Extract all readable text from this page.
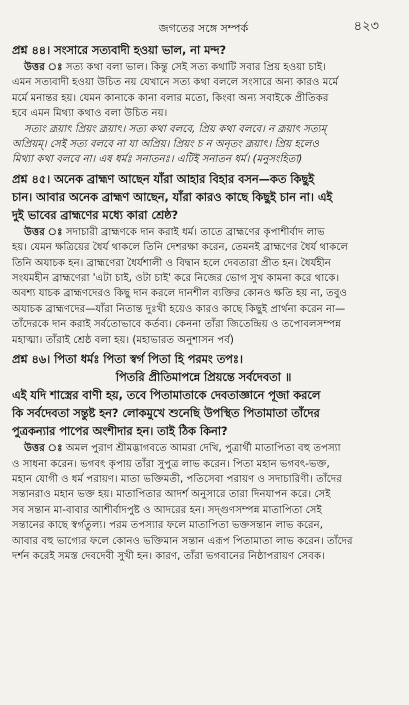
জগতের সঙ্গে সম্পর্ক	৪২৩
প্রশ্ন ৪৪। সংসারে সত্যবাদী হওয়া ভাল, না মন্দ?

উত্তর ঃ সত্য কথা বলা ভাল। কিন্তু সেই সত্য কথাটি সবার প্রিয় হওয়া চাই।

এমন সত্যবাদী হওয়া উচিত নয় যেখানে সত্য কথা বললে সংসারে অন্য কারও মর্মে

মর্মে মনান্তর হয়। যেমন কানাকে কানা বলার মতো, কিংবা অন্য সবাইকে প্রীতিকর

হবে এমন মিথ্যা কথাও বলা উচিত নয়।

সত্যং ব্রূয়াৎ প্রিয়ং ব্রূয়াৎ। সত্য কথা বলবে, প্রিয় কথা বলবে। ন ব্রূয়াৎ সত্যম্

অপ্রিয়ম্। সেই সত্য বলবে না যা অপ্রিয়। প্রিয়ং চ ন অনৃতং ব্রূয়াৎ। প্রিয় হলেও

মিথ্যা কথা বলবে না। এষ ধর্মঃ সনাতনঃ। এটিই সনাতন ধর্ম। (মনুসংহিতা)

প্রশ্ন ৪৫। অনেক ব্রাহ্মণ আছেন যাঁরা আহার বিহার বসন—কত কিছুই
চান। আবার অনেক ব্রাহ্মণ আছেন, যাঁরা কারও কাছে কিছুই চান না। এই
দুই ভাবের ব্রাহ্মণের মধ্যে কারা শ্রেষ্ঠ?

উত্তর ঃ সদাচারী ব্রাহ্মণকে দান করাই ধর্ম। তাতে ব্রাহ্মণের কৃপাশীর্বাদ লাভ

হয়। যেমন ক্ষত্রিয়ের ধৈর্য থাকলে তিনি দেশরক্ষা করেন, তেমনই ব্রাহ্মণের ধৈর্য থাকলে

তিনি অযাচক হন। ব্রাহ্মণেরা ধৈর্যশালী ও বিদ্বান হলে দেবতারা প্রীত হন। ধৈর্যহীন

সংযমহীন ব্রাহ্মণেরা 'এটা চাই, ওটা চাই' করে নিজের ভোগ সুখ কামনা করে থাকে।

অবশ্য যাচক ব্রাহ্মণদেরও কিছু দান করলে দানশীল ব্যক্তির কোনও ক্ষতি হয় না, তবুও

অযাচক ব্রাহ্মণদের—যাঁরা নিতান্ত দুঃখী হয়েও কারও কাছে কিছুই প্রার্থনা করেন না—

তাঁদেরকে দান করাই সর্বতোভাবে কর্তব্য। কেননা তাঁরা জিতেন্দ্রিয় ও তপোবলসম্পন্ন

মহাত্মা। তাঁরাই শ্রেষ্ঠ বলা হয়। (মহাভারত অনুশাসন পর্ব)

প্রশ্ন ৪৬। পিতা ধর্মঃ পিতা স্বর্গ পিতা হি পরমং তপঃ।
পিতরি প্রীতিমাপন্নে প্রিয়ন্তে সর্বদেবতা ॥
এই যদি শাস্ত্রের বাণী হয়, তবে পিতামাতাকে দেবতাজ্ঞানে পূজা করলে
কি সর্বদেবতা সন্তুষ্ট হন? লোকমুখে শুনেছি উপস্থিত পিতামাতা তাঁদের
পুত্রকন্যার পাপের অংশীদার হন। তাই ঠিক কিনা?

উত্তর ঃ অমল পুরাণ শ্রীমদ্ভাগবতে আমরা দেখি, পুত্রার্থী মাতাপিতা বহু তপস্যা

ও সাধনা করেন। ভগবৎ কৃপায় তাঁরা সুপুত্র লাভ করেন। পিতা মহান ভগবৎ-ভক্ত,

মহান যোগী ও ধর্ম পরায়ণ। মাতা ভক্তিমতী, পতিসেবা পরায়ণ ও সদাচারিণী। তাঁদের

সন্তানরাও মহান ভক্ত হয়। মাতাপিতার আদর্শ অনুসারে তারা দিনযাপন করে। সেই

সব সন্তান মা-বাবার আশীর্বাদপুষ্ট ও আদরের হন। সদ্গুণসম্পন্ন মাতাপিতা সেই

সন্তানের কাছে স্বর্গতুল্য। পরম তপস্যার ফলে মাতাপিতা ভক্তসন্তান লাভ করেন,

আবার বহু ভাগ্যের ফলে কোনও ভক্তিমান সন্তান এরূপ পিতামাতা লাভ করেন। তাঁদের

দর্শন করেই সমস্ত দেবদেবী সুখী হন। কারণ, তাঁরা ভগবানের নিষ্ঠাপরায়ণ সেবক।
